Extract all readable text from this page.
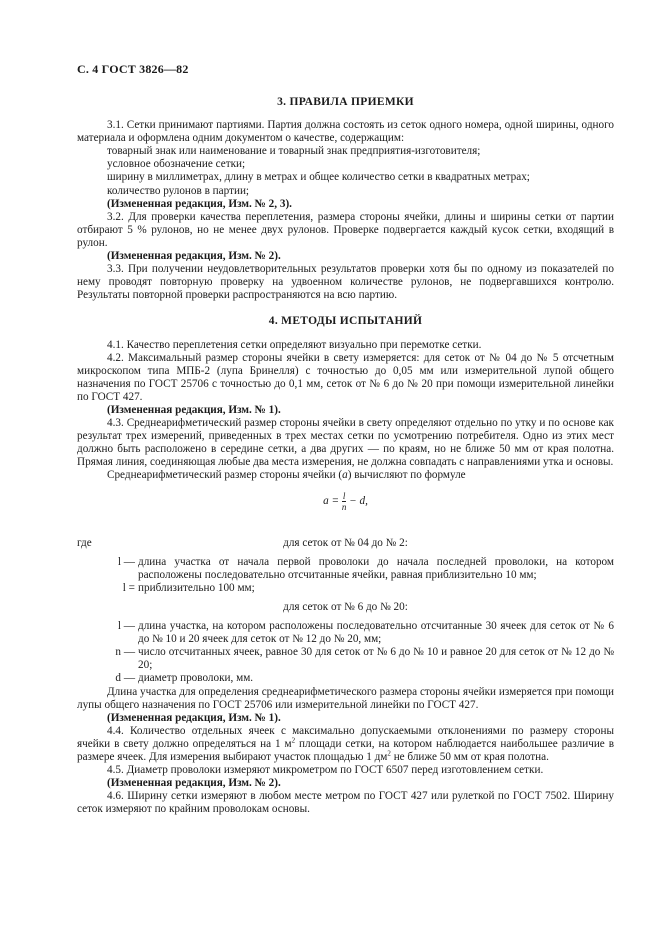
С. 4 ГОСТ 3826—82
3. ПРАВИЛА ПРИЕМКИ

3.1. Сетки принимают партиями. Партия должна состоять из сеток одного номера, одной ширины, одного материала и оформлена одним документом о качестве, содержащим:

товарный знак или наименование и товарный знак предприятия-изготовителя;

условное обозначение сетки;

ширину в миллиметрах, длину в метрах и общее количество сетки в квадратных метрах;

количество рулонов в партии;

(Измененная редакция, Изм. № 2, 3).

3.2. Для проверки качества переплетения, размера стороны ячейки, длины и ширины сетки от партии отбирают 5 % рулонов, но не менее двух рулонов. Проверке подвергается каждый кусок сетки, входящий в рулон.

(Измененная редакция, Изм. № 2).

3.3. При получении неудовлетворительных результатов проверки хотя бы по одному из показателей по нему проводят повторную проверку на удвоенном количестве рулонов, не подвергавшихся контролю. Результаты повторной проверки распространяются на всю партию.

4. МЕТОДЫ ИСПЫТАНИЙ

4.1. Качество переплетения сетки определяют визуально при перемотке сетки.

4.2. Максимальный размер стороны ячейки в свету измеряется: для сеток от № 04 до № 5 отсчетным микроскопом типа МПБ-2 (лупа Бринелля) с точностью до 0,05 мм или измерительной лупой общего назначения по ГОСТ 25706 с точностью до 0,1 мм, сеток от № 6 до № 20 при помощи измерительной линейки по ГОСТ 427.

(Измененная редакция, Изм. № 1).

4.3. Среднеарифметический размер стороны ячейки в свету определяют отдельно по утку и по основе как результат трех измерений, приведенных в трех местах сетки по усмотрению потребителя. Одно из этих мест должно быть расположено в середине сетки, а два других — по краям, но не ближе 50 мм от края полотна. Прямая линия, соединяющая любые два места измерения, не должна совпадать с направлениями утка и основы.

Среднеарифметический размер стороны ячейки (a) вычисляют по формуле

$a = \frac{l}{n} - d$,

где	для сеток от № 04 до № 2:

l — длина участка от начала первой проволоки до начала последней проволоки, на котором расположены последовательно отсчитанные ячейки, равная приблизительно 10 мм;
l = приблизительно 100 мм;

для сеток от № 6 до № 20:

l — длина участка, на котором расположены последовательно отсчитанные 30 ячеек для сеток от № 6 до № 10 и 20 ячеек для сеток от № 12 до № 20, мм;
n — число отсчитанных ячеек, равное 30 для сеток от № 6 до № 10 и равное 20 для сеток от № 12 до № 20;
d — диаметр проволоки, мм.

Длина участка для определения среднеарифметического размера стороны ячейки измеряется при помощи лупы общего назначения по ГОСТ 25706 или измерительной линейки по ГОСТ 427.

(Измененная редакция, Изм. № 1).

4.4. Количество отдельных ячеек с максимально допускаемыми отклонениями по размеру стороны ячейки в свету должно определяться на 1 $м^2$ площади сетки, на котором наблюдается наибольшее различие в размере ячеек. Для измерения выбирают участок площадью 1 $дм^2$ не ближе 50 мм от края полотна.

4.5. Диаметр проволоки измеряют микрометром по ГОСТ 6507 перед изготовлением сетки.

(Измененная редакция, Изм. № 2).

4.6. Ширину сетки измеряют в любом месте метром по ГОСТ 427 или рулеткой по ГОСТ 7502. Ширину сеток измеряют по крайним проволокам основы.
